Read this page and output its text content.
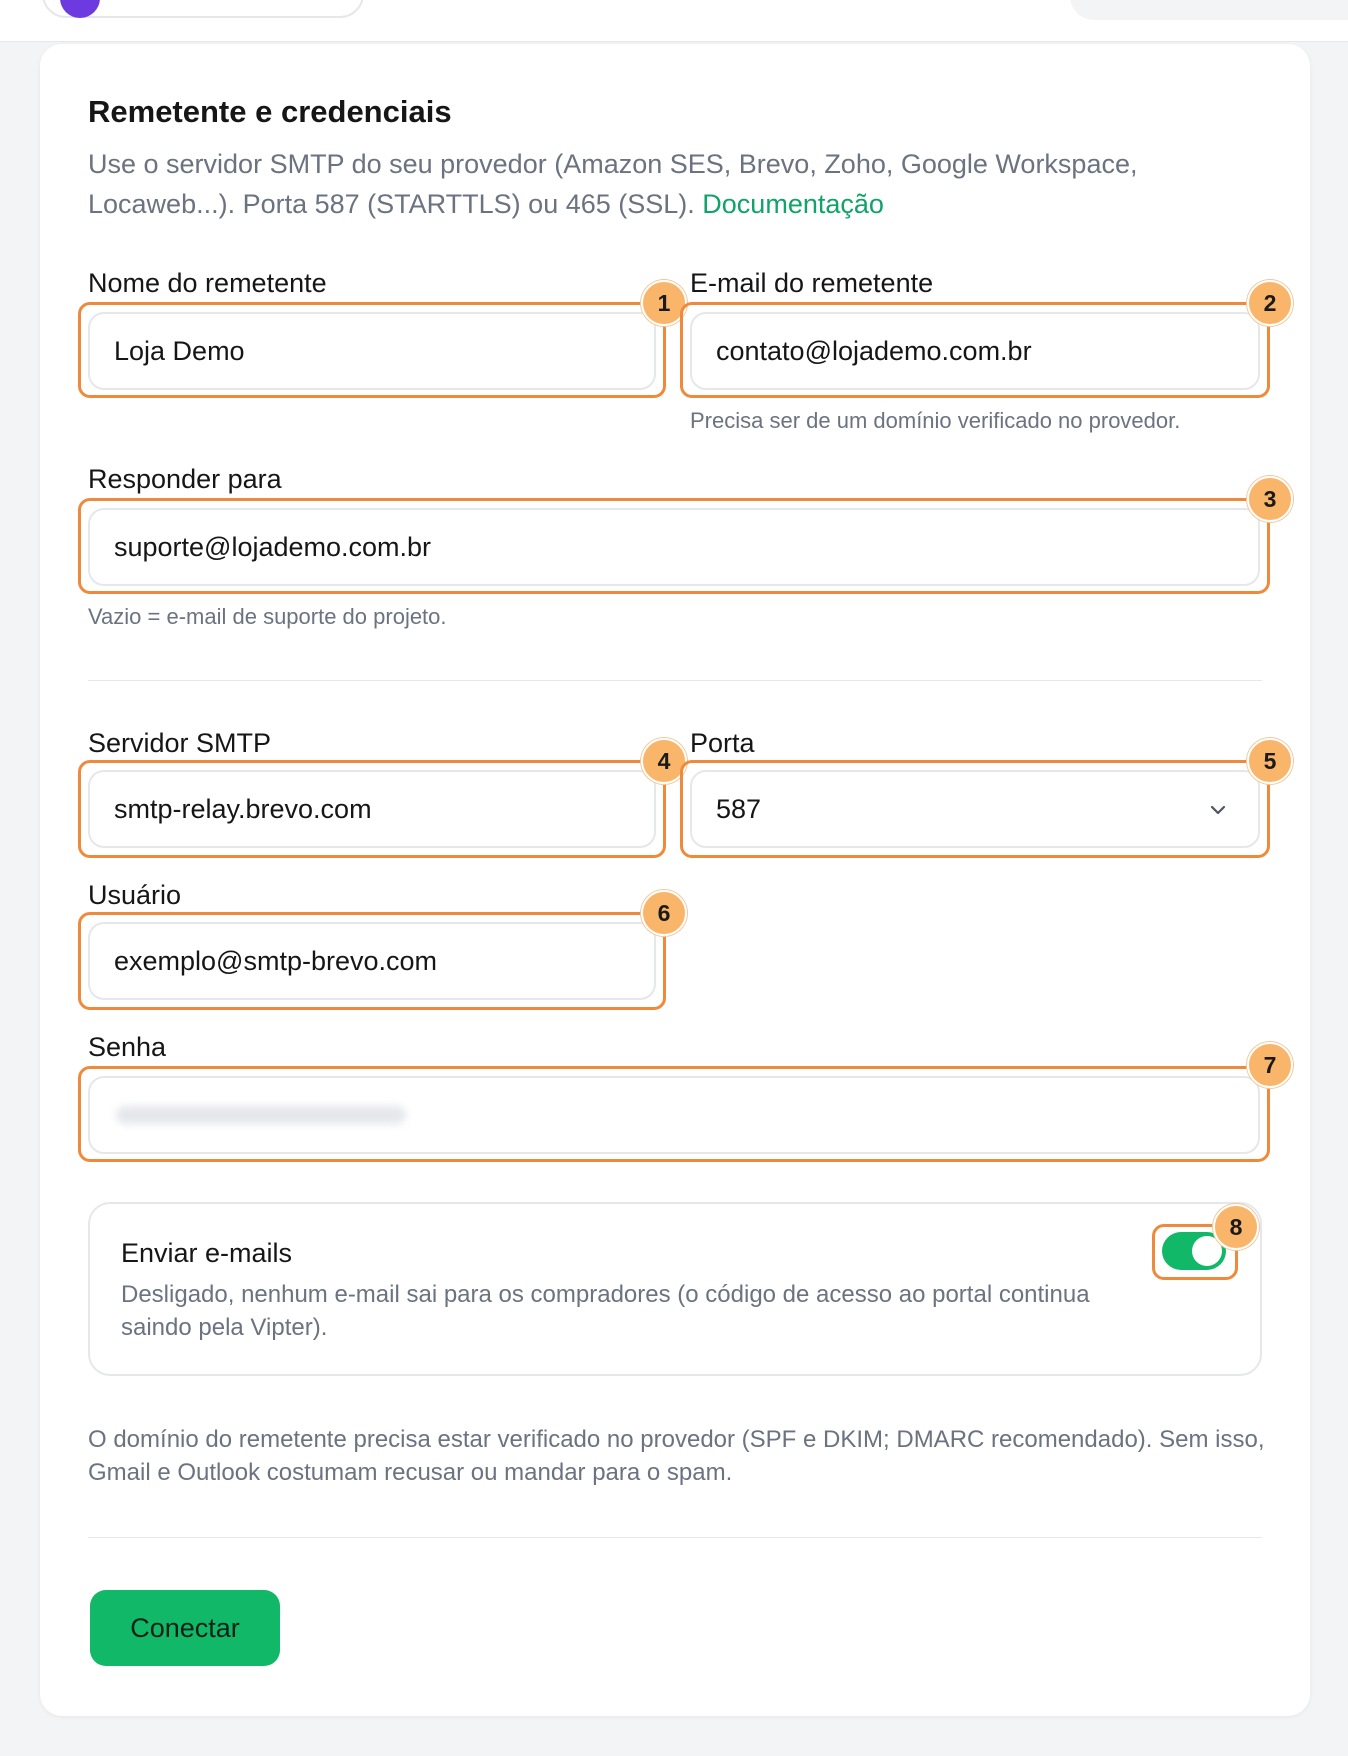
Remetente e credenciais
Use o servidor SMTP do seu provedor (Amazon SES, Brevo, Zoho, Google Workspace, Locaweb...). Porta 587 (STARTTLS) ou 465 (SSL). Documentação
Nome do remetente
Loja Demo
1
E-mail do remetente
contato@lojademo.com.br
2
Precisa ser de um domínio verificado no provedor.
Responder para
suporte@lojademo.com.br
3
Vazio = e-mail de suporte do projeto.
Servidor SMTP
smtp-relay.brevo.com
4
Porta
587
5
Usuário
exemplo@smtp-brevo.com
6
Senha
7
Enviar e-mails
Desligado, nenhum e-mail sai para os compradores (o código de acesso ao portal continua saindo pela Vipter).
8
O domínio do remetente precisa estar verificado no provedor (SPF e DKIM; DMARC recomendado). Sem isso, Gmail e Outlook costumam recusar ou mandar para o spam.
Conectar
